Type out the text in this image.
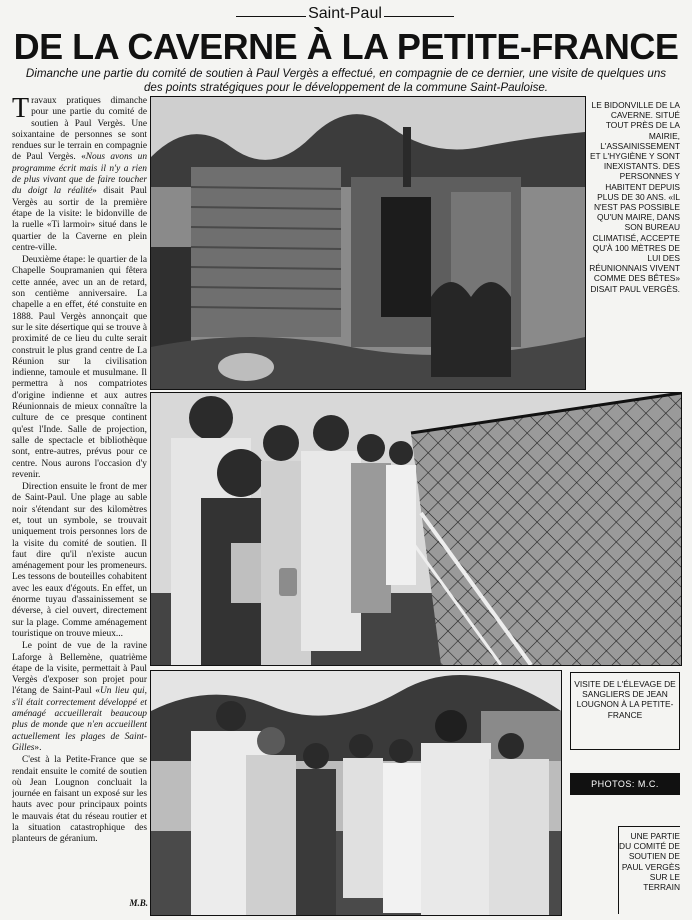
Saint-Paul
DE LA CAVERNE À LA PETITE-FRANCE
Dimanche une partie du comité de soutien à Paul Vergès a effectué, en compagnie de ce dernier, une visite de quelques uns des points stratégiques pour le développement de la commune Saint-Pauloise.

Travaux pratiques dimanche pour une partie du comité de soutien à Paul Vergès. Une soixantaine de personnes se sont rendues sur le terrain en compagnie de Paul Vergès. «Nous avons un programme écrit mais il n'y a rien de plus vivant que de faire toucher du doigt la réalité» disait Paul Vergès au sortir de la première étape de la visite: le bidonville de la ruelle «Ti larmoir» situé dans le quartier de la Caverne en plein centre-ville.

Deuxième étape: le quartier de la Chapelle Soupramanien qui fêtera cette année, avec un an de retard, son centième anniversaire. La chapelle a en effet, été constuite en 1888. Paul Vergès annonçait que sur le site désertique qui se trouve à proximité de ce lieu du culte serait construit le plus grand centre de La Réunion sur la civilisation indienne, tamoule et musulmane. Il permettra à nos compatriotes d'origine indienne et aux autres Réunionnais de mieux connaître la culture de ce presque continent qu'est l'Inde. Salle de projection, salle de spectacle et bibliothèque sont, entre-autres, prévus pour ce centre. Nous aurons l'occasion d'y revenir.

Direction ensuite le front de mer de Saint-Paul. Une plage au sable noir s'étendant sur des kilomètres et, tout un symbole, se trouvait uniquement trois personnes lors de la visite du comité de soutien. Il faut dire qu'il n'existe aucun aménagement pour les promeneurs. Les tessons de bouteilles cohabitent avec les eaux d'égouts. En effet, un énorme tuyau d'assainissement se déverse, à ciel ouvert, directement sur la plage. Comme aménagement touristique on trouve mieux...

Le point de vue de la ravine Laforge à Bellemène, quatrième étape de la visite, permettait à Paul Vergès d'exposer son projet pour l'étang de Saint-Paul «Un lieu qui, s'il était correctement développé et aménagé accueillerait beaucoup plus de monde que n'en accueillent actuellement les plages de Saint-Gilles».

C'est à la Petite-France que se rendait ensuite le comité de soutien où Jean Lougnon concluait la journée en faisant un exposé sur les hauts avec pour principaux points le mauvais état du réseau routier et la situation catastrophique des planteurs de géranium.

M.B.
LE BIDONVILLE DE LA CAVERNE. SITUÉ TOUT PRÈS DE LA MAIRIE, L'ASSAINISSEMENT ET L'HYGIÈNE Y SONT INEXISTANTS. DES PERSONNES Y HABITENT DEPUIS PLUS DE 30 ANS. «IL N'EST PAS POSSIBLE QU'UN MAIRE, DANS SON BUREAU CLIMATISÉ, ACCEPTE QU'À 100 MÈTRES DE LUI DES RÉUNIONNAIS VIVENT COMME DES BÊTES» DISAIT PAUL VERGÈS.
VISITE DE L'ÉLEVAGE DE SANGLIERS DE JEAN LOUGNON À LA PETITE-FRANCE
PHOTOS: M.C.
UNE PARTIE DU COMITÉ DE SOUTIEN DE PAUL VERGÈS SUR LE TERRAIN
